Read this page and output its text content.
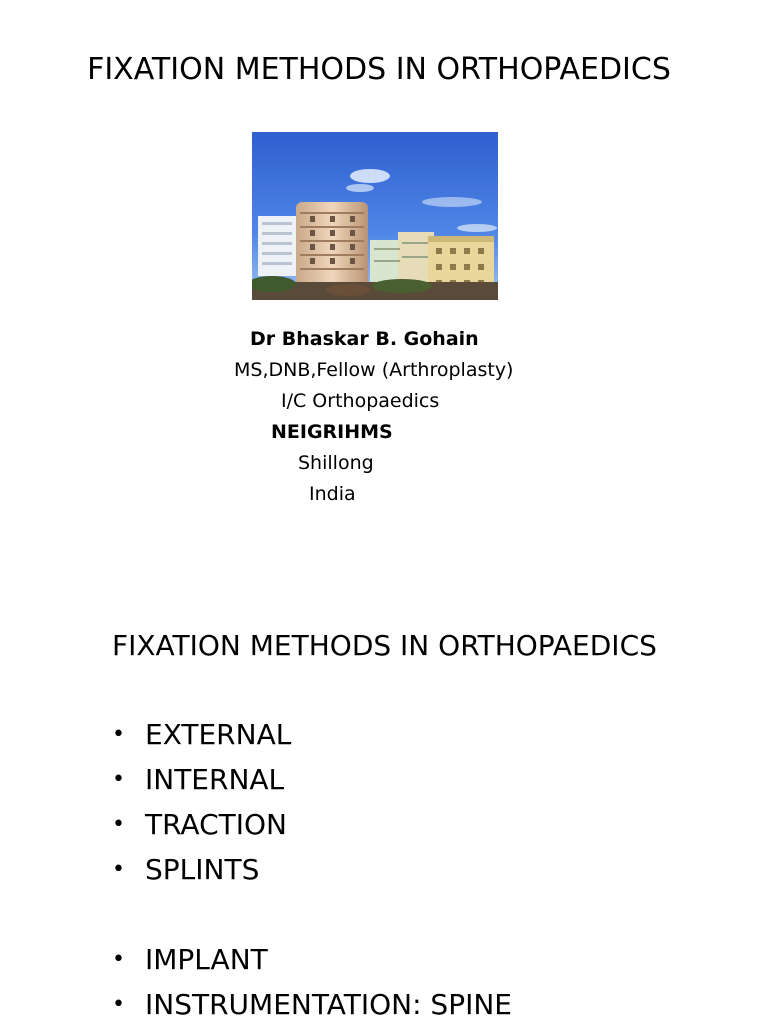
FIXATION METHODS IN ORTHOPAEDICS
Dr Bhaskar B. Gohain
MS,DNB,Fellow (Arthroplasty)
I/C Orthopaedics
NEIGRIHMS
Shillong
India
FIXATION METHODS IN ORTHOPAEDICS
• EXTERNAL
• INTERNAL
• TRACTION
• SPLINTS
• IMPLANT
• INSTRUMENTATION: SPINE
